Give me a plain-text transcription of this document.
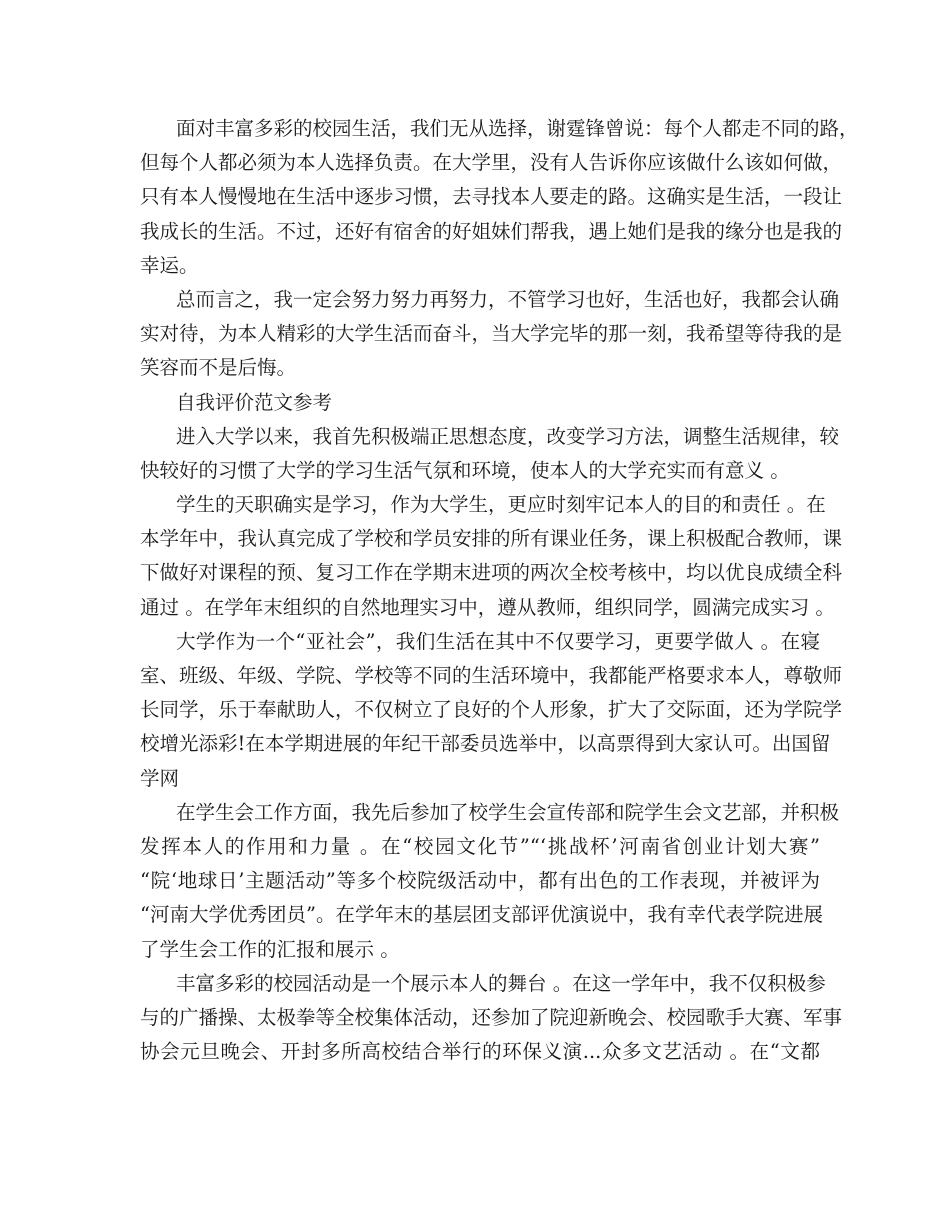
面对丰富多彩的校园生活，我们无从选择，谢霆锋曾说：每个人都走不同的路，
但每个人都必须为本人选择负责。在大学里，没有人告诉你应该做什么该如何做，
只有本人慢慢地在生活中逐步习惯，去寻找本人要走的路。这确实是生活，一段让
我成长的生活。不过，还好有宿舍的好姐妹们帮我，遇上她们是我的缘分也是我的
幸运。
总而言之，我一定会努力努力再努力，不管学习也好，生活也好，我都会认确
实对待，为本人精彩的大学生活而奋斗，当大学完毕的那一刻，我希望等待我的是
笑容而不是后悔。
自我评价范文参考
进入大学以来，我首先积极端正思想态度，改变学习方法，调整生活规律，较
快较好的习惯了大学的学习生活气氛和环境，使本人的大学充实而有意义 。
学生的天职确实是学习，作为大学生，更应时刻牢记本人的目的和责任 。在
本学年中，我认真完成了学校和学员安排的所有课业任务，课上积极配合教师，课
下做好对课程的预、复习工作在学期末进项的两次全校考核中，均以优良成绩全科
通过 。在学年末组织的自然地理实习中，遵从教师，组织同学，圆满完成实习 。
大学作为一个“亚社会”，我们生活在其中不仅要学习，更要学做人 。在寝
室、班级、年级、学院、学校等不同的生活环境中，我都能严格要求本人，尊敬师
长同学，乐于奉献助人，不仅树立了良好的个人形象，扩大了交际面，还为学院学
校增光添彩!在本学期进展的年纪干部委员选举中，以高票得到大家认可。出国留
学网
在学生会工作方面，我先后参加了校学生会宣传部和院学生会文艺部，并积极
发挥本人的作用和力量 。在“校园文化节”“‘挑战杯’河南省创业计划大赛”
“院‘地球日’主题活动”等多个校院级活动中，都有出色的工作表现，并被评为
“河南大学优秀团员”。在学年末的基层团支部评优演说中，我有幸代表学院进展
了学生会工作的汇报和展示 。
丰富多彩的校园活动是一个展示本人的舞台 。在这一学年中，我不仅积极参
与的广播操、太极拳等全校集体活动，还参加了院迎新晚会、校园歌手大赛、军事
协会元旦晚会、开封多所高校结合举行的环保义演...众多文艺活动 。在“文都
